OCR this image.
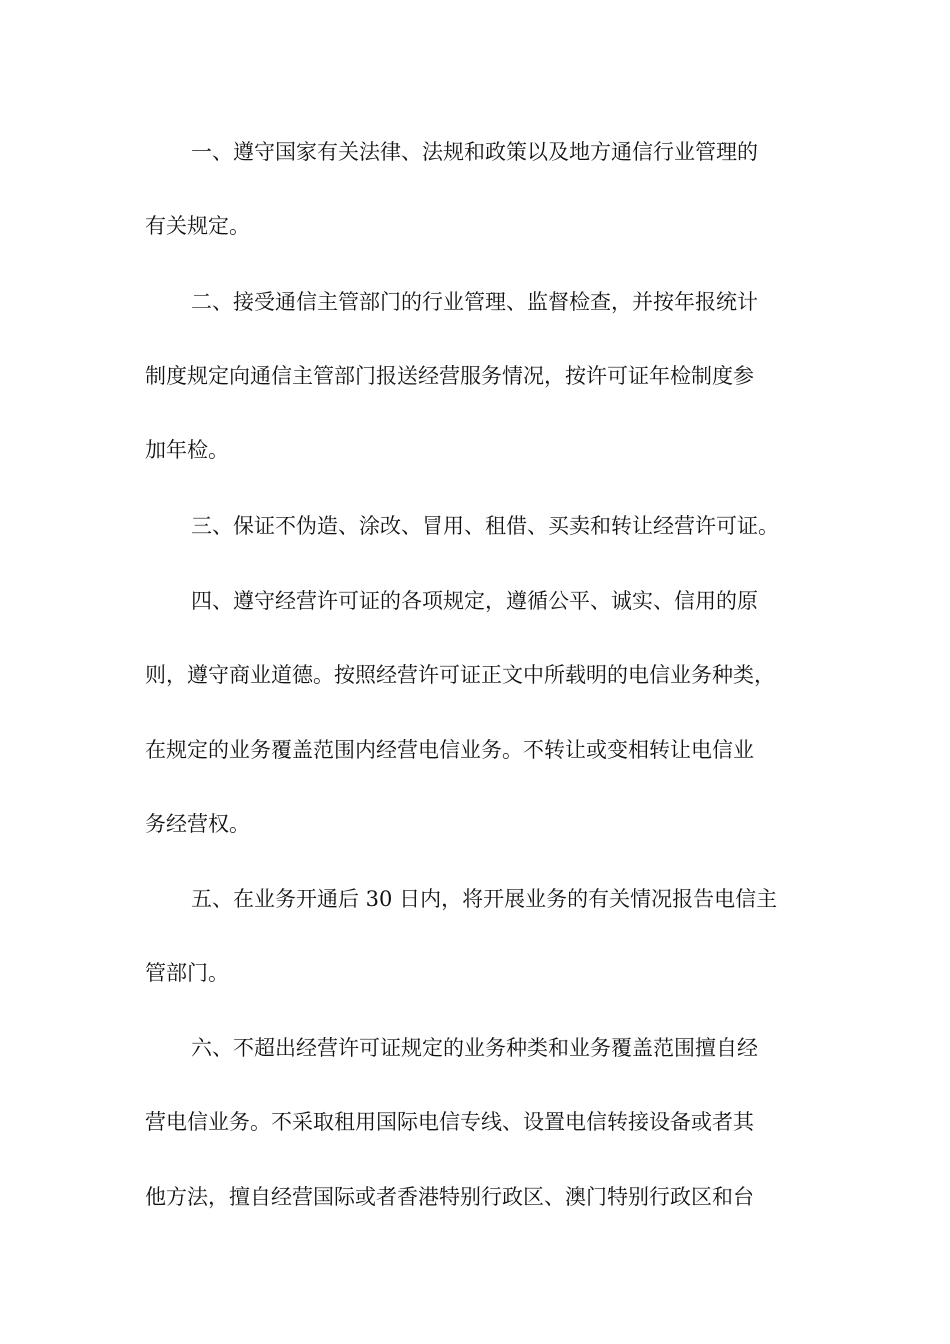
一、遵守国家有关法律、法规和政策以及地方通信行业管理的
有关规定。
二、接受通信主管部门的行业管理、监督检查，并按年报统计
制度规定向通信主管部门报送经营服务情况，按许可证年检制度参
加年检。
三、保证不伪造、涂改、冒用、租借、买卖和转让经营许可证。
四、遵守经营许可证的各项规定，遵循公平、诚实、信用的原
则，遵守商业道德。按照经营许可证正文中所载明的电信业务种类，
在规定的业务覆盖范围内经营电信业务。不转让或变相转让电信业
务经营权。
五、在业务开通后 30 日内，将开展业务的有关情况报告电信主
管部门。
六、不超出经营许可证规定的业务种类和业务覆盖范围擅自经
营电信业务。不采取租用国际电信专线、设置电信转接设备或者其
他方法，擅自经营国际或者香港特别行政区、澳门特别行政区和台
